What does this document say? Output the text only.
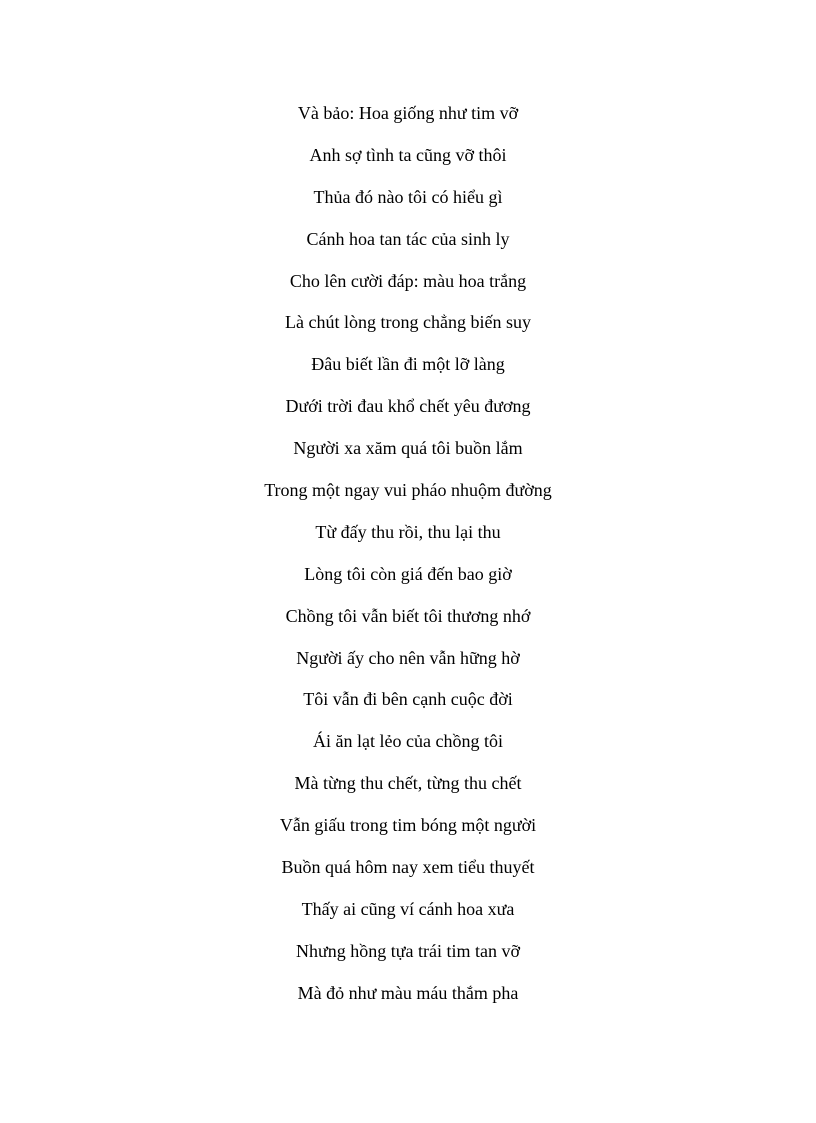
Và bảo: Hoa giống như tim vỡ
Anh sợ tình ta cũng vỡ thôi
Thủa đó nào tôi có hiểu gì
Cánh hoa tan tác của sinh ly
Cho lên cười đáp: màu hoa trắng
Là chút lòng trong chẳng biến suy
Đâu biết lần đi một lỡ làng
Dưới trời đau khổ chết yêu đương
Người xa xăm quá tôi buồn lắm
Trong một ngay vui pháo nhuộm đường
Từ đấy thu rồi, thu lại thu
Lòng tôi còn giá đến bao giờ
Chồng tôi vẫn biết tôi thương nhớ
Người ấy cho nên vẫn hững hờ
Tôi vẫn đi bên cạnh cuộc đời
Ái ăn lạt lẻo của chồng tôi
Mà từng thu chết, từng thu chết
Vẫn giấu trong tim bóng một người
Buồn quá hôm nay xem tiểu thuyết
Thấy ai cũng ví cánh hoa xưa
Nhưng hồng tựa trái tim tan vỡ
Mà đỏ như màu máu thắm pha
